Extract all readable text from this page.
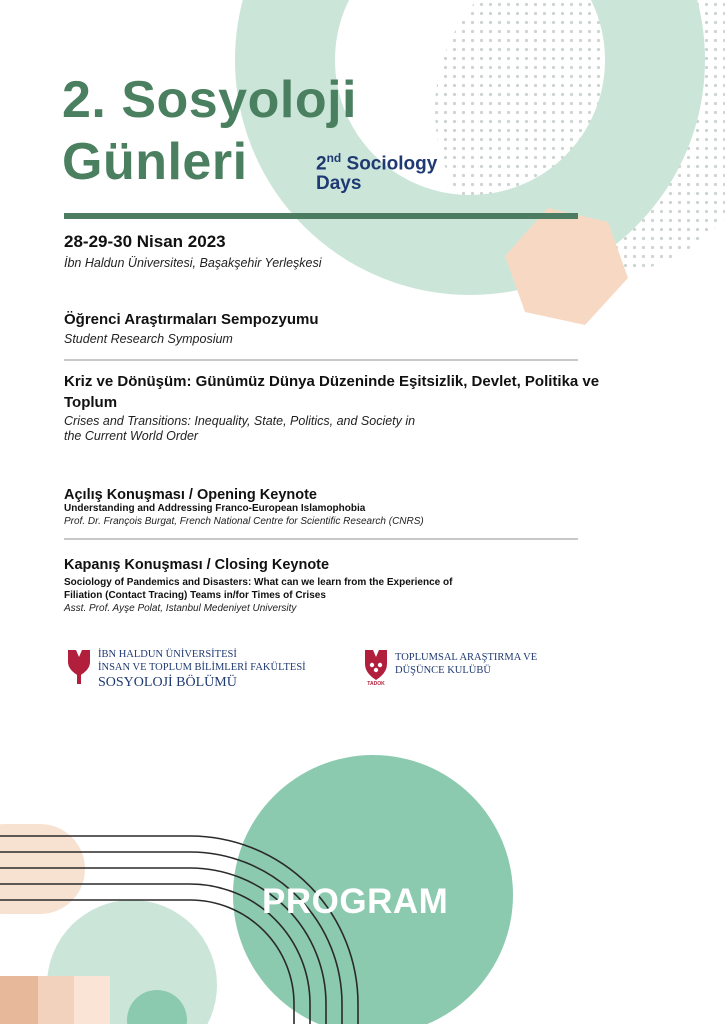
2. Sosyoloji
Günleri	2nd Sociology
Days
28-29-30 Nisan 2023
İbn Haldun Üniversitesi, Başakşehir Yerleşkesi
Öğrenci Araştırmaları Sempozyumu
Student Research Symposium
Kriz ve Dönüşüm: Günümüz Dünya Düzeninde Eşitsizlik, Devlet, Politika ve Toplum
Crises and Transitions: Inequality, State, Politics, and Society in the Current World Order
Açılış Konuşması / Opening Keynote
Understanding and Addressing Franco-European Islamophobia
Prof. Dr. François Burgat, French National Centre for Scientific Research (CNRS)
Kapanış Konuşması / Closing Keynote
Sociology of Pandemics and Disasters: What can we learn from the Experience of Filiation (Contact Tracing) Teams in/for Times of Crises
Asst. Prof. Ayşe Polat, Istanbul Medeniyet University
İBN HALDUN ÜNİVERSİTESİ
İNSAN VE TOPLUM BİLİMLERİ FAKÜLTESİ
SOSYOLOJİ BÖLÜMÜ	TADOK
TOPLUMSAL ARAŞTIRMA VE
DÜŞÜNCE KULÜBÜ
PROGRAM
